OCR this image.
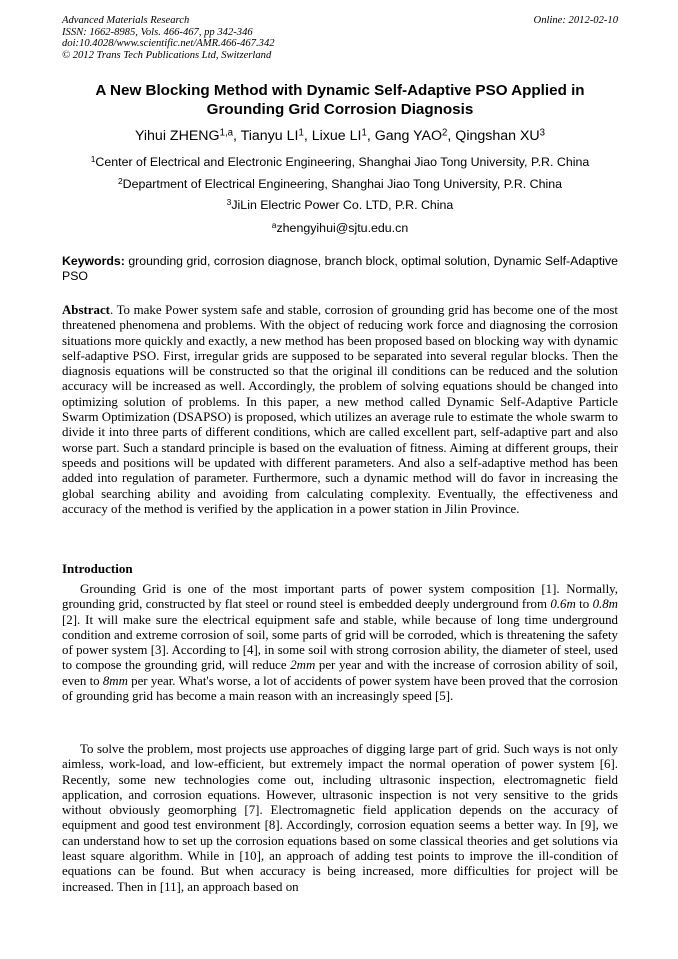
Advanced Materials Research
ISSN: 1662-8985, Vols. 466-467, pp 342-346
doi:10.4028/www.scientific.net/AMR.466-467.342
© 2012 Trans Tech Publications Ltd, Switzerland
Online: 2012-02-10
A New Blocking Method with Dynamic Self-Adaptive PSO Applied in Grounding Grid Corrosion Diagnosis
Yihui ZHENG$^{1,a}$, Tianyu $LI^1$, Lixue $LI^1$, Gang YAO$^2$, Qingshan $XU^3$
$^1$Center of Electrical and Electronic Engineering, Shanghai Jiao Tong University, P.R. China
$^2$Department of Electrical Engineering, Shanghai Jiao Tong University, P.R. China
$^3$JiLin Electric Power Co. LTD, P.R. China
$^a$zhengyihui@sjtu.edu.cn
Keywords: grounding grid, corrosion diagnose, branch block, optimal solution, Dynamic Self-Adaptive PSO
Abstract. To make Power system safe and stable, corrosion of grounding grid has become one of the most threatened phenomena and problems. With the object of reducing work force and diagnosing the corrosion situations more quickly and exactly, a new method has been proposed based on blocking way with dynamic self-adaptive PSO. First, irregular grids are supposed to be separated into several regular blocks. Then the diagnosis equations will be constructed so that the original ill conditions can be reduced and the solution accuracy will be increased as well. Accordingly, the problem of solving equations should be changed into optimizing solution of problems. In this paper, a new method called Dynamic Self-Adaptive Particle Swarm Optimization (DSAPSO) is proposed, which utilizes an average rule to estimate the whole swarm to divide it into three parts of different conditions, which are called excellent part, self-adaptive part and also worse part. Such a standard principle is based on the evaluation of fitness. Aiming at different groups, their speeds and positions will be updated with different parameters. And also a self-adaptive method has been added into regulation of parameter. Furthermore, such a dynamic method will do favor in increasing the global searching ability and avoiding from calculating complexity. Eventually, the effectiveness and accuracy of the method is verified by the application in a power station in Jilin Province.
Introduction
Grounding Grid is one of the most important parts of power system composition [1]. Normally, grounding grid, constructed by flat steel or round steel is embedded deeply underground from 0.6m to 0.8m [2]. It will make sure the electrical equipment safe and stable, while because of long time underground condition and extreme corrosion of soil, some parts of grid will be corroded, which is threatening the safety of power system [3]. According to [4], in some soil with strong corrosion ability, the diameter of steel, used to compose the grounding grid, will reduce 2mm per year and with the increase of corrosion ability of soil, even to 8mm per year. What's worse, a lot of accidents of power system have been proved that the corrosion of grounding grid has become a main reason with an increasingly speed [5].
To solve the problem, most projects use approaches of digging large part of grid. Such ways is not only aimless, work-load, and low-efficient, but extremely impact the normal operation of power system [6]. Recently, some new technologies come out, including ultrasonic inspection, electromagnetic field application, and corrosion equations. However, ultrasonic inspection is not very sensitive to the grids without obviously geomorphing [7]. Electromagnetic field application depends on the accuracy of equipment and good test environment [8]. Accordingly, corrosion equation seems a better way. In [9], we can understand how to set up the corrosion equations based on some classical theories and get solutions via least square algorithm. While in [10], an approach of adding test points to improve the ill-condition of equations can be found. But when accuracy is being increased, more difficulties for project will be increased. Then in [11], an approach based on
